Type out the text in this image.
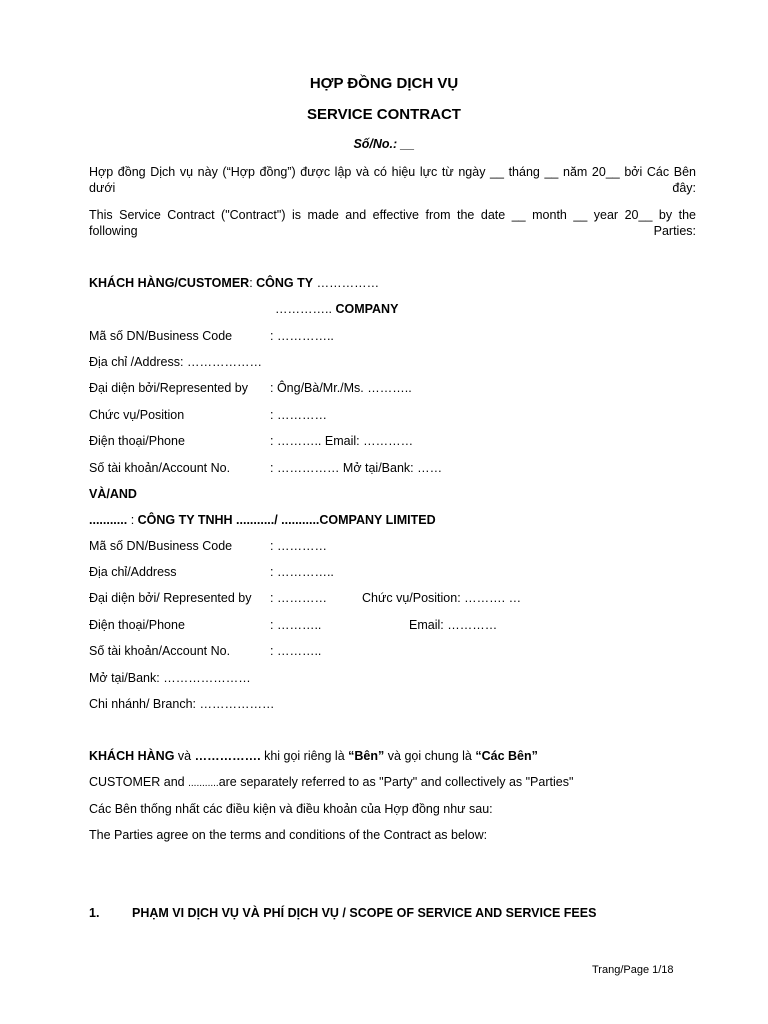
HỢP ĐỒNG DỊCH VỤ
SERVICE CONTRACT
Số/No.: __
Hợp đồng Dịch vụ này (“Hợp đồng”) được lập và có hiệu lực từ ngày __ tháng __ năm 20__ bởi Các Bên dưới đây:
This Service Contract ("Contract") is made and effective from the date __ month __ year 20__ by the following Parties:
KHÁCH HÀNG/CUSTOMER: CÔNG TY ……………
………….. COMPANY
Mã số DN/Business Code	: …………..
Địa chỉ /Address: ………………
Đại diện bởi/Represented by : Ông/Bà/Mr./Ms. ………..
Chức vụ/Position	: …………
Điện thoại/Phone	: ……….. Email: …………
Số tài khoản/Account No.	: …………… Mở tại/Bank: ……
VÀ/AND
........... : CÔNG TY TNHH .........../ ...........COMPANY LIMITED
Mã số DN/Business Code	: …………
Địa chỉ/Address	: …………..
Đại diện bởi/ Represented by : …………	Chức vụ/Position: ………. …
Điện thoại/Phone	: ………..	Email: …………
Số tài khoản/Account No.	: ………..
Mở tại/Bank: …………………
Chi nhánh/ Branch: ………………
KHÁCH HÀNG và ……………. khi gọi riêng là “Bên” và gọi chung là “Các Bên”
CUSTOMER and ...........are separately referred to as "Party" and collectively as "Parties"
Các Bên thống nhất các điều kiện và điều khoản của Hợp đồng như sau:
The Parties agree on the terms and conditions of the Contract as below:
1.	PHẠM VI DỊCH VỤ VÀ PHÍ DỊCH VỤ / SCOPE OF SERVICE AND SERVICE FEES
Trang/Page 1/18
